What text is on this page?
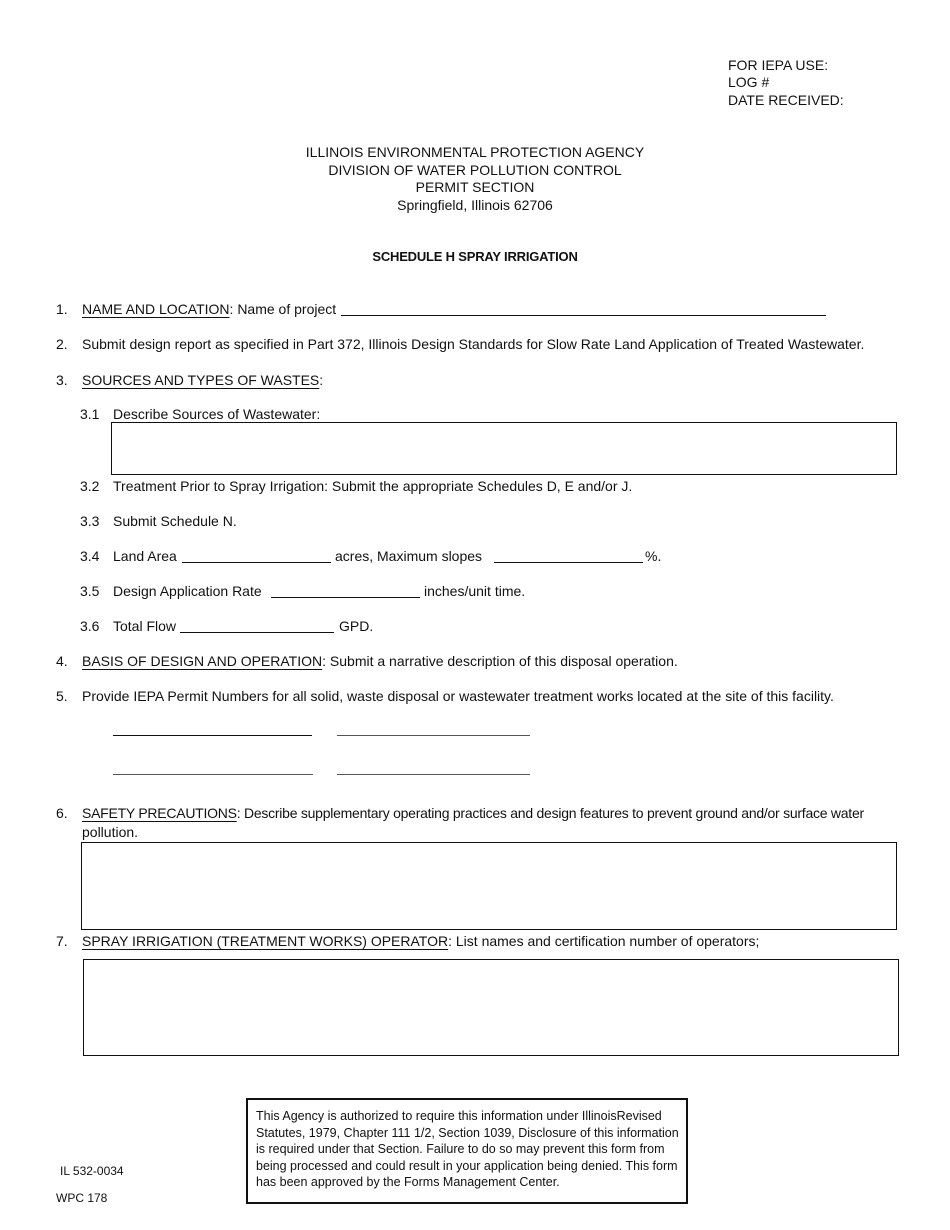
FOR IEPA USE:
LOG #
DATE RECEIVED:
ILLINOIS ENVIRONMENTAL PROTECTION AGENCY
DIVISION OF WATER POLLUTION CONTROL
PERMIT SECTION
Springfield, Illinois 62706
SCHEDULE H SPRAY IRRIGATION
1. NAME AND LOCATION: Name of project
2. Submit design report as specified in Part 372, Illinois Design Standards for Slow Rate Land Application of Treated Wastewater.
3. SOURCES AND TYPES OF WASTES:
3.1 Describe Sources of Wastewater:
3.2 Treatment Prior to Spray Irrigation: Submit the appropriate Schedules D, E and/or J.
3.3 Submit Schedule N.
3.4 Land Area	acres, Maximum slopes	%.
3.5 Design Application Rate	inches/unit time.
3.6 Total Flow	GPD.
4. BASIS OF DESIGN AND OPERATION: Submit a narrative description of this disposal operation.
5. Provide IEPA Permit Numbers for all solid, waste disposal or wastewater treatment works located at the site of this facility.
6. SAFETY PRECAUTIONS: Describe supplementary operating practices and design features to prevent ground and/or surface water
pollution.
7. SPRAY IRRIGATION (TREATMENT WORKS) OPERATOR: List names and certification number of operators;
This Agency is authorized to require this information under IllinoisRevised Statutes, 1979, Chapter 111 1/2, Section 1039, Disclosure of this information is required under that Section. Failure to do so may prevent this form from being processed and could result in your application being denied. This form has been approved by the Forms Management Center.
IL 532-0034
WPC 178
